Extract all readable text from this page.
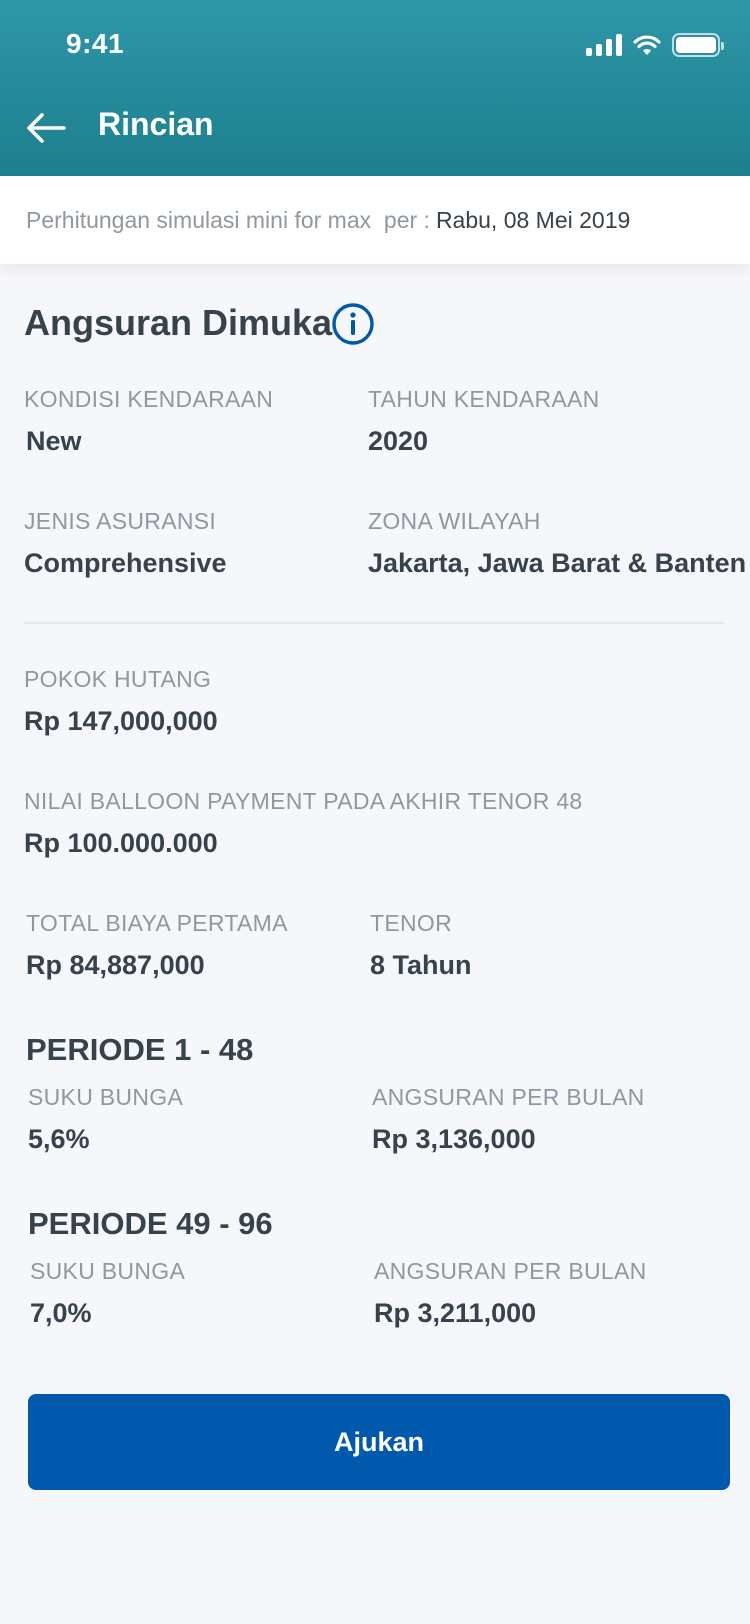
9:41
Rincian
Perhitungan simulasi mini for max  per : Rabu, 08 Mei 2019
Angsuran Dimuka
KONDISI KENDARAAN
New
TAHUN KENDARAAN
2020
JENIS ASURANSI
Comprehensive
ZONA WILAYAH
Jakarta, Jawa Barat & Banten
POKOK HUTANG
Rp 147,000,000
NILAI BALLOON PAYMENT PADA AKHIR TENOR 48
Rp 100.000.000
TOTAL BIAYA PERTAMA
Rp 84,887,000
TENOR
8 Tahun
PERIODE 1 - 48
SUKU BUNGA
5,6%
ANGSURAN PER BULAN
Rp 3,136,000
PERIODE 49 - 96
SUKU BUNGA
7,0%
ANGSURAN PER BULAN
Rp 3,211,000
Ajukan
